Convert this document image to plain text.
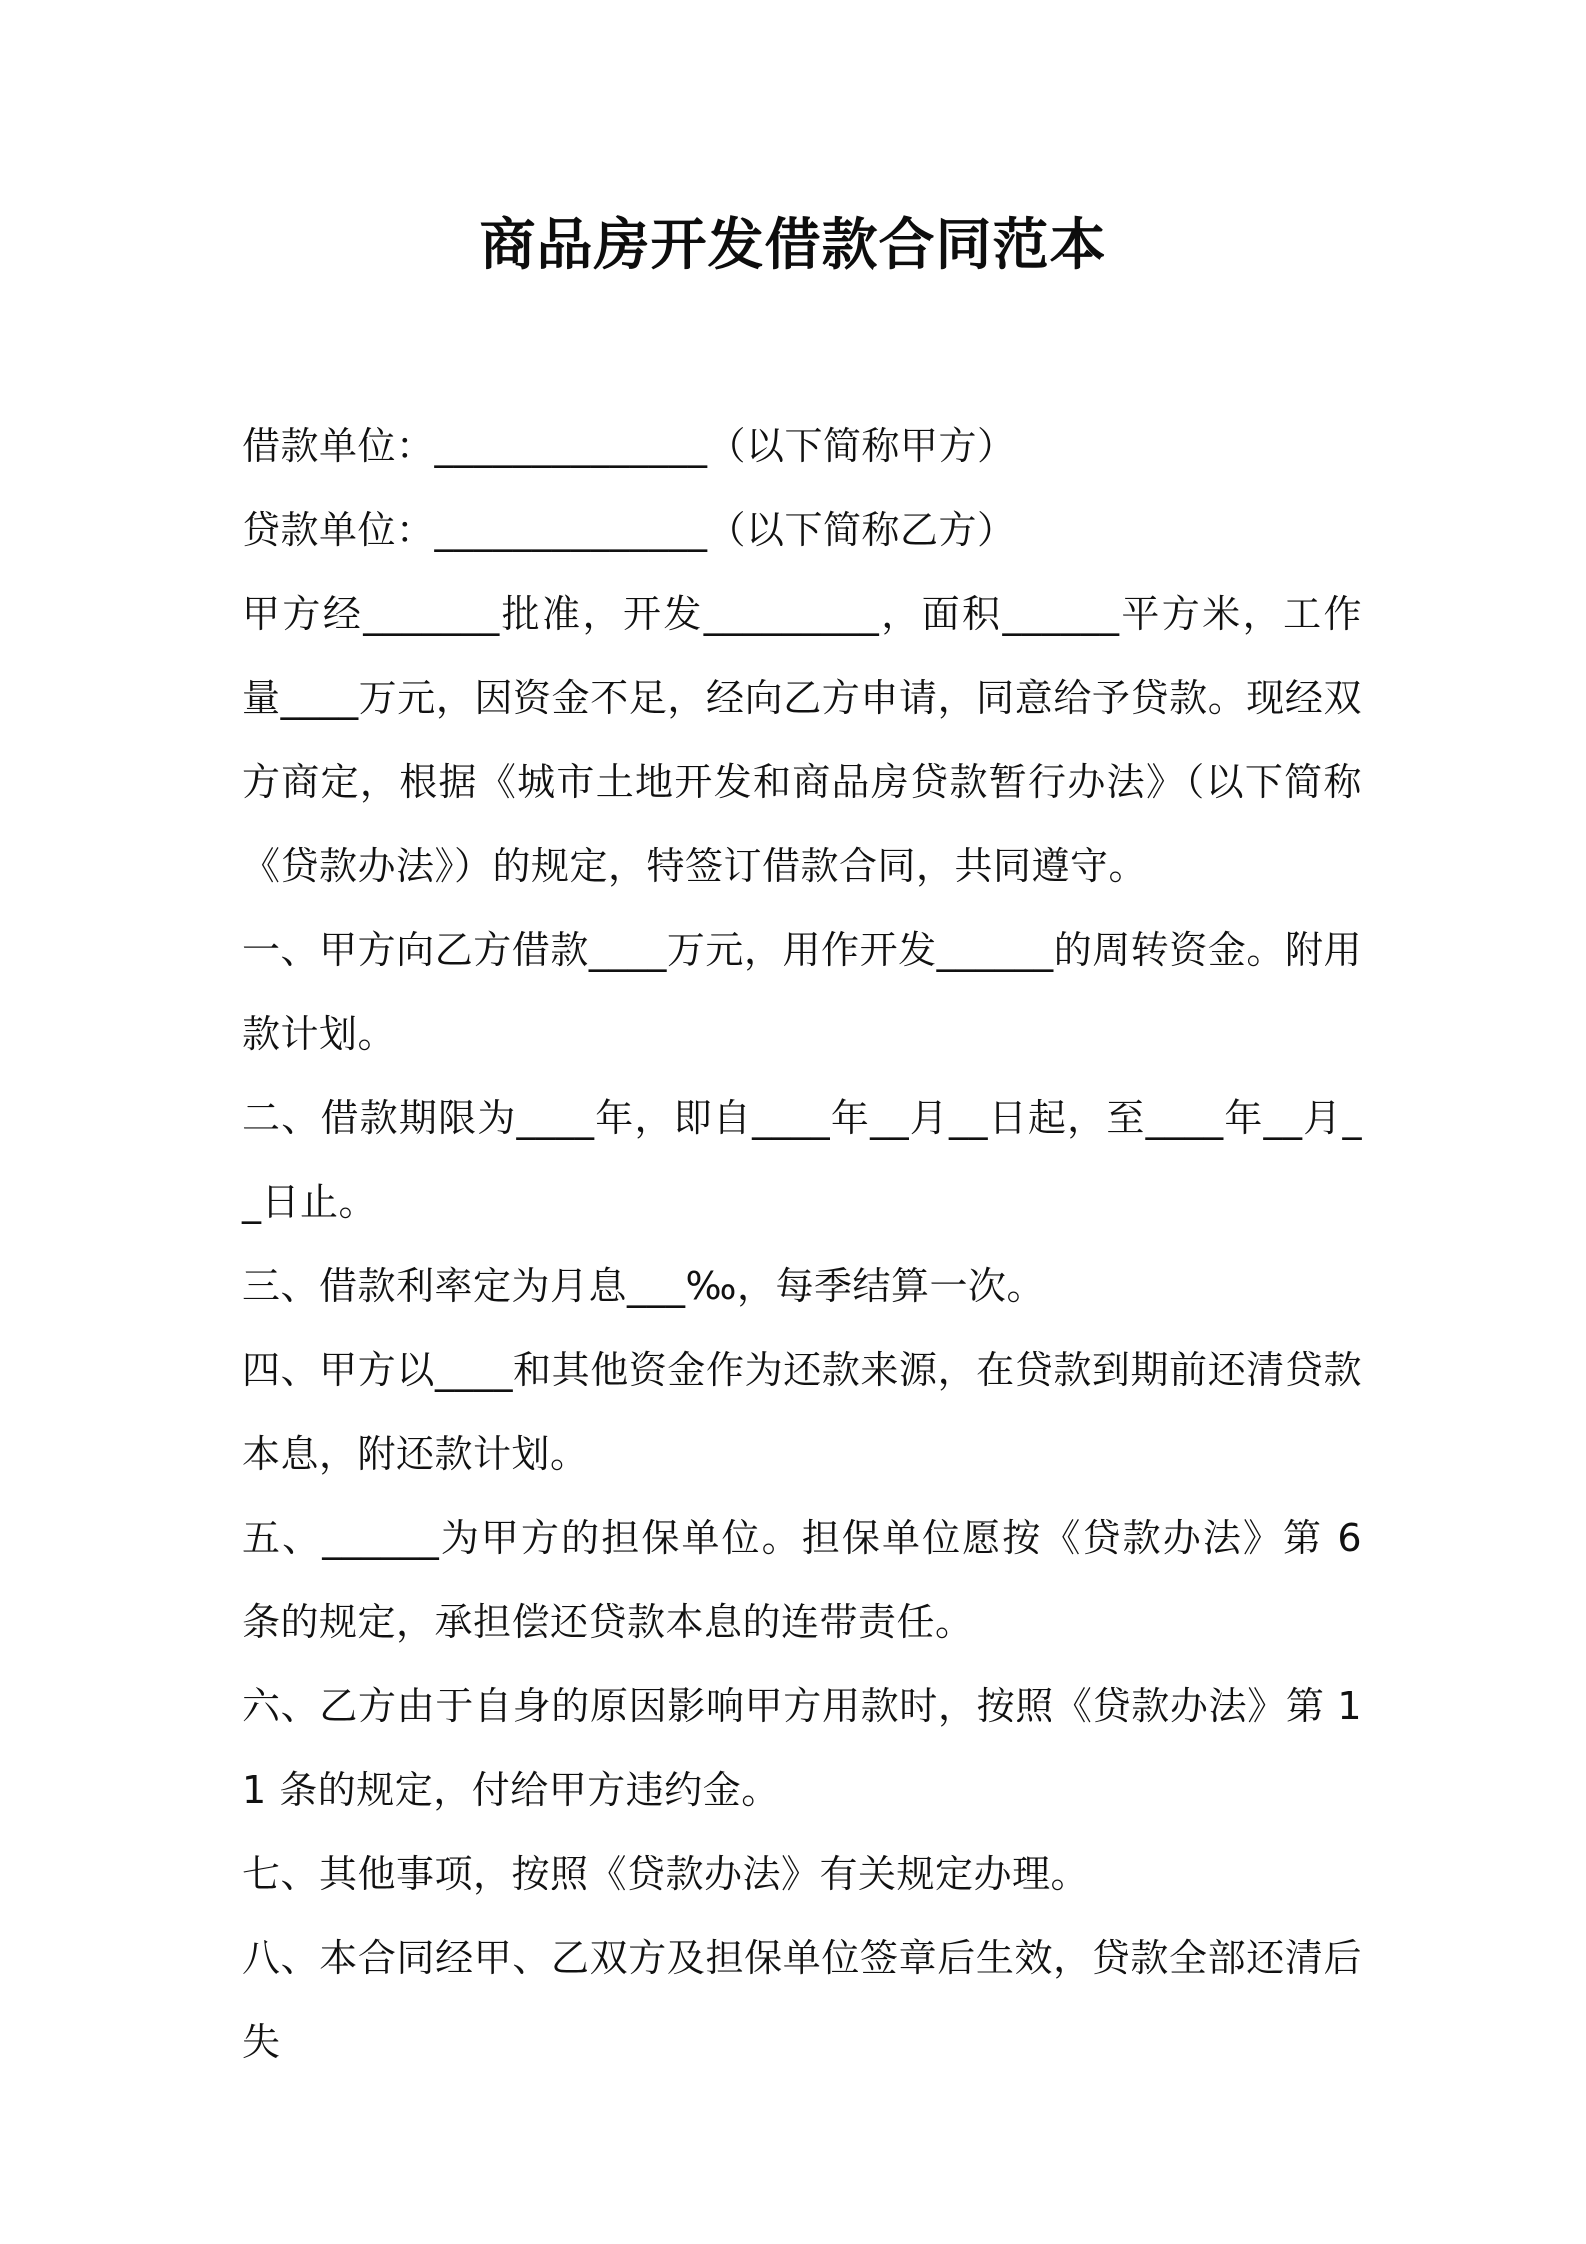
商品房开发借款合同范本

借款单位：______________（以下简称甲方）

贷款单位：______________（以下简称乙方）

甲方经_______批准，开发_________，面积______平方米，工作量____万元，因资金不足，经向乙方申请，同意给予贷款。现经双方商定，根据《城市土地开发和商品房贷款暂行办法》（以下简称《贷款办法》）的规定，特签订借款合同，共同遵守。

一、甲方向乙方借款____万元，用作开发______的周转资金。附用款计划。

二、借款期限为____年，即自____年__月__日起，至____年__月__日止。

三、借款利率定为月息___‰，每季结算一次。

四、甲方以____和其他资金作为还款来源，在贷款到期前还清贷款本息，附还款计划。

五、______为甲方的担保单位。担保单位愿按《贷款办法》第 6 条的规定，承担偿还贷款本息的连带责任。

六、乙方由于自身的原因影响甲方用款时，按照《贷款办法》第 11 条的规定，付给甲方违约金。

七、其他事项，按照《贷款办法》有关规定办理。

八、本合同经甲、乙双方及担保单位签章后生效，贷款全部还清后失
